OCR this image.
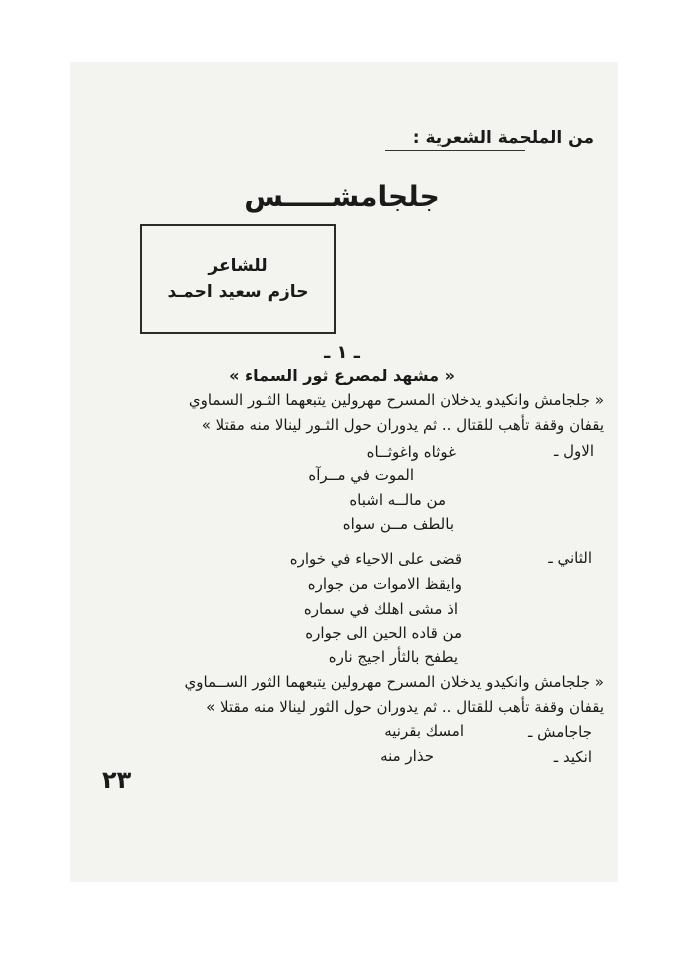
من الملحمة الشعرية :
جلجامشـــــس
للشاعر
حازم سعيد احمـد
ـ ١ ـ
« مشهد لمصرع ثور السماء »
« جلجامش وانكيدو يدخلان المسرح مهرولين يتبعهما الثـور السماوي
يقفان وقفة تأهب للقتال .. ثم يدوران حول الثـور لينالا منه مقتلا »
الاول ـ
غوثاه واغوثــاه
الموت في مــرآه
من مالــه اشباه
بالطف مــن سواه
الثاني ـ
قضى على الاحياء في خواره
وايقظ الاموات من جواره
اذ مشى اهلك في سماره
من قاده الحين الى جواره
يطفح بالثأر اجيج ناره
« جلجامش وانكيدو يدخلان المسرح مهرولين يتبعهما الثور الســماوي
يقفان وقفة تأهب للقتال .. ثم يدوران حول الثور لينالا منه مقتلا »
جاجامش ـ
امسك بقرنيه
انكيد ـ
حذار منه
٢٣
